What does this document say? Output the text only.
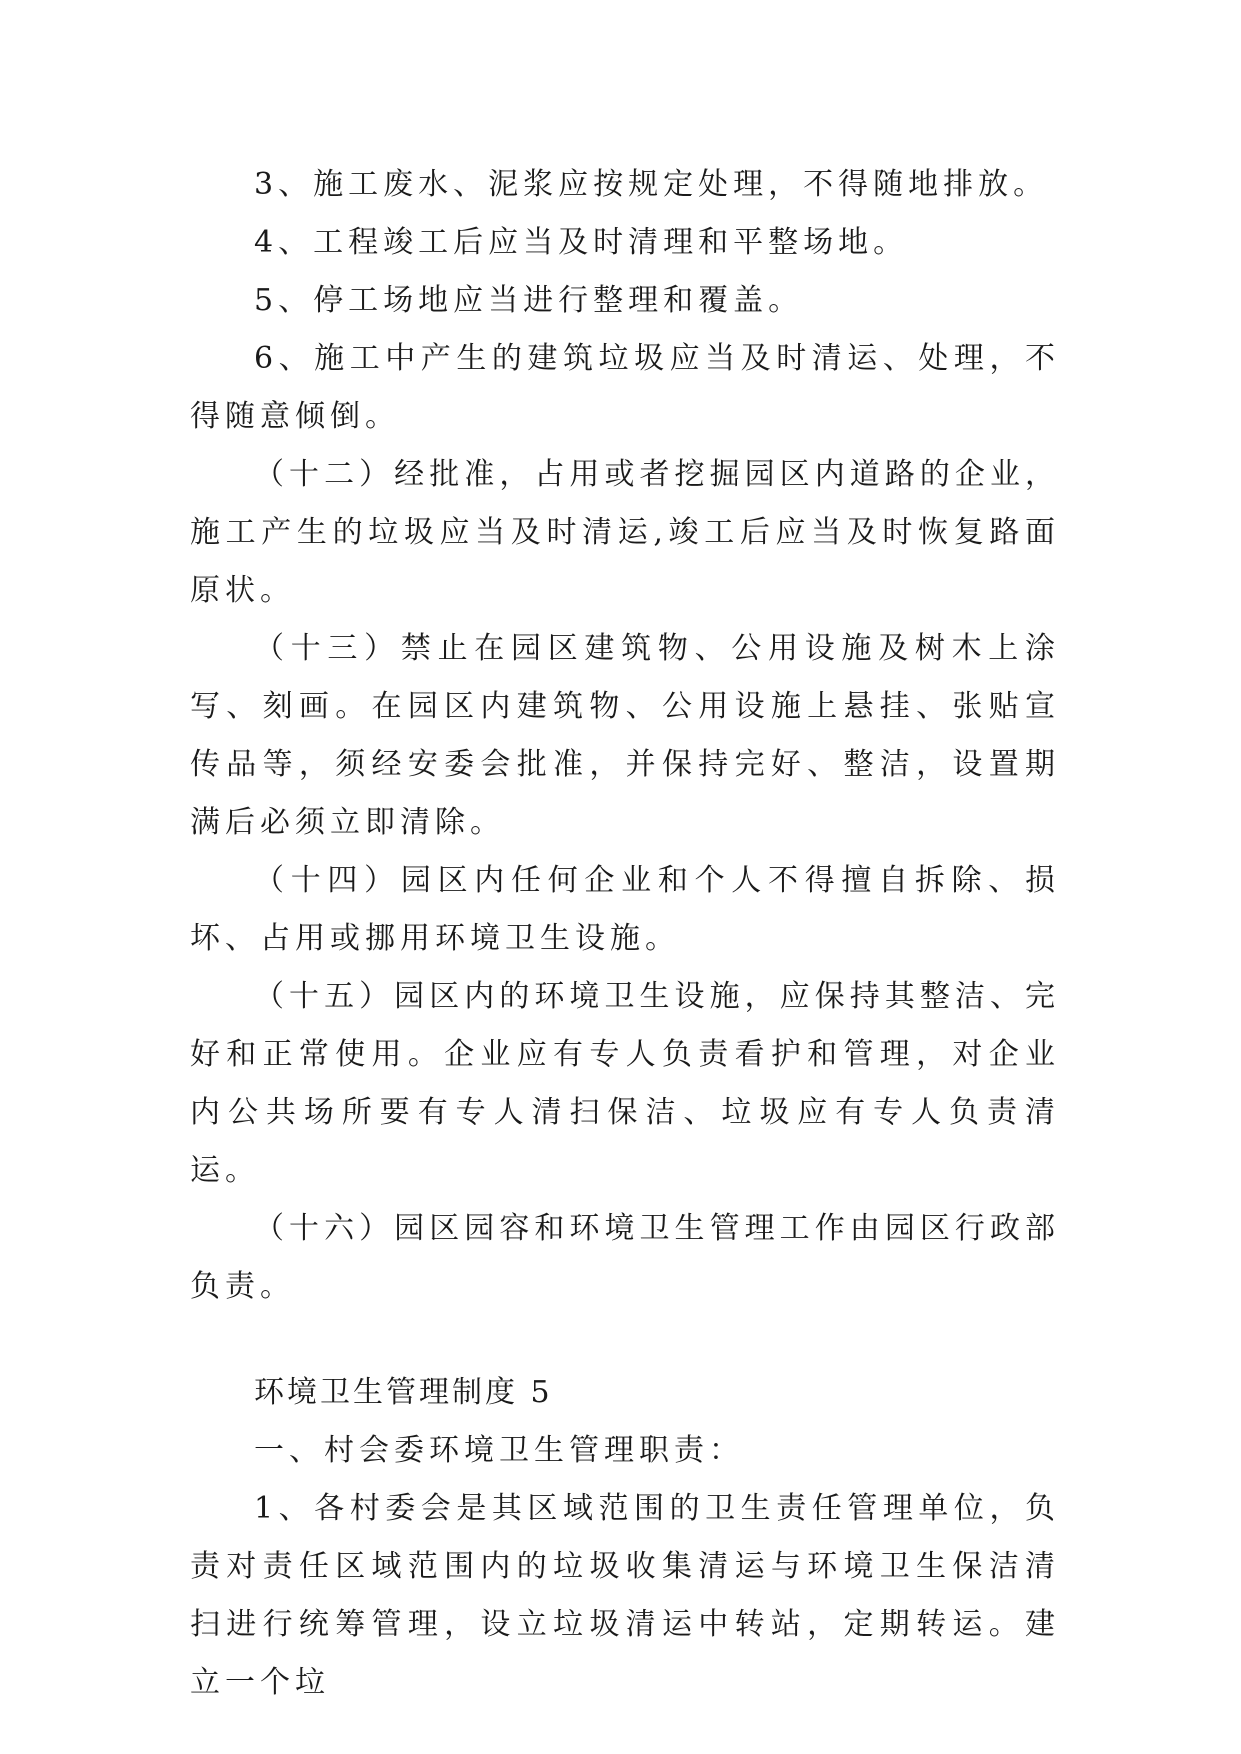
3、施工废水、泥浆应按规定处理，不得随地排放。

4、工程竣工后应当及时清理和平整场地。

5、停工场地应当进行整理和覆盖。

6、施工中产生的建筑垃圾应当及时清运、处理，不得随意倾倒。

（十二）经批准，占用或者挖掘园区内道路的企业，施工产生的垃圾应当及时清运,竣工后应当及时恢复路面原状。

（十三）禁止在园区建筑物、公用设施及树木上涂写、刻画。在园区内建筑物、公用设施上悬挂、张贴宣传品等，须经安委会批准，并保持完好、整洁，设置期满后必须立即清除。

（十四）园区内任何企业和个人不得擅自拆除、损坏、占用或挪用环境卫生设施。

（十五）园区内的环境卫生设施，应保持其整洁、完好和正常使用。企业应有专人负责看护和管理，对企业内公共场所要有专人清扫保洁、垃圾应有专人负责清运。

（十六）园区园容和环境卫生管理工作由园区行政部负责。

环境卫生管理制度 5

一、村会委环境卫生管理职责：

1、各村委会是其区域范围的卫生责任管理单位，负责对责任区域范围内的垃圾收集清运与环境卫生保洁清扫进行统筹管理，设立垃圾清运中转站，定期转运。建立一个垃
